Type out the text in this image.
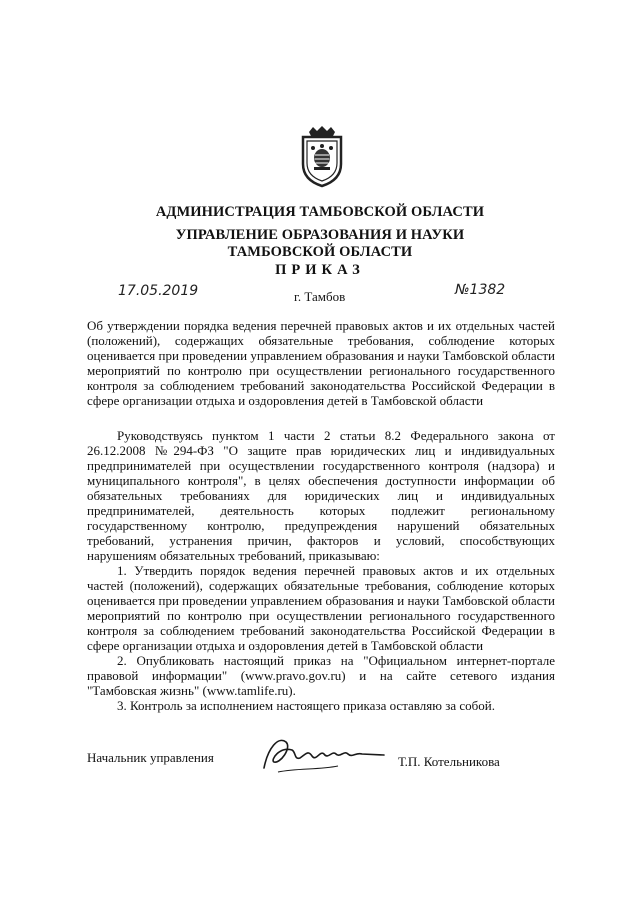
АДМИНИСТРАЦИЯ ТАМБОВСКОЙ ОБЛАСТИ
УПРАВЛЕНИЕ ОБРАЗОВАНИЯ И НАУКИ
ТАМБОВСКОЙ ОБЛАСТИ
ПРИКАЗ
17.05.2019	г. Тамбов	№1382
Об утверждении порядка ведения перечней правовых актов и их отдельных частей (положений), содержащих обязательные требования, соблюдение которых оценивается при проведении управлением образования и науки Тамбовской области мероприятий по контролю при осуществлении регионального государственного контроля за соблюдением требований законодательства Российской Федерации в сфере организации отдыха и оздоровления детей в Тамбовской области

Руководствуясь пунктом 1 части 2 статьи 8.2 Федерального закона от 26.12.2008 №294-ФЗ "О защите прав юридических лиц и индивидуальных предпринимателей при осуществлении государственного контроля (надзора) и муниципального контроля", в целях обеспечения доступности информации об обязательных требованиях для юридических лиц и индивидуальных предпринимателей, деятельность которых подлежит региональному государственному контролю, предупреждения нарушений обязательных требований, устранения причин, факторов и условий, способствующих нарушениям обязательных требований, приказываю:

1. Утвердить порядок ведения перечней правовых актов и их отдельных частей (положений), содержащих обязательные требования, соблюдение которых оценивается при проведении управлением образования и науки Тамбовской области мероприятий по контролю при осуществлении регионального государственного контроля за соблюдением требований законодательства Российской Федерации в сфере организации отдыха и оздоровления детей в Тамбовской области

2. Опубликовать настоящий приказ на "Официальном интернет-портале правовой информации" (www.pravo.gov.ru) и на сайте сетевого издания "Тамбовская жизнь" (www.tamlife.ru).

3. Контроль за исполнением настоящего приказа оставляю за собой.

Начальник управления	Т.П. Котельникова
